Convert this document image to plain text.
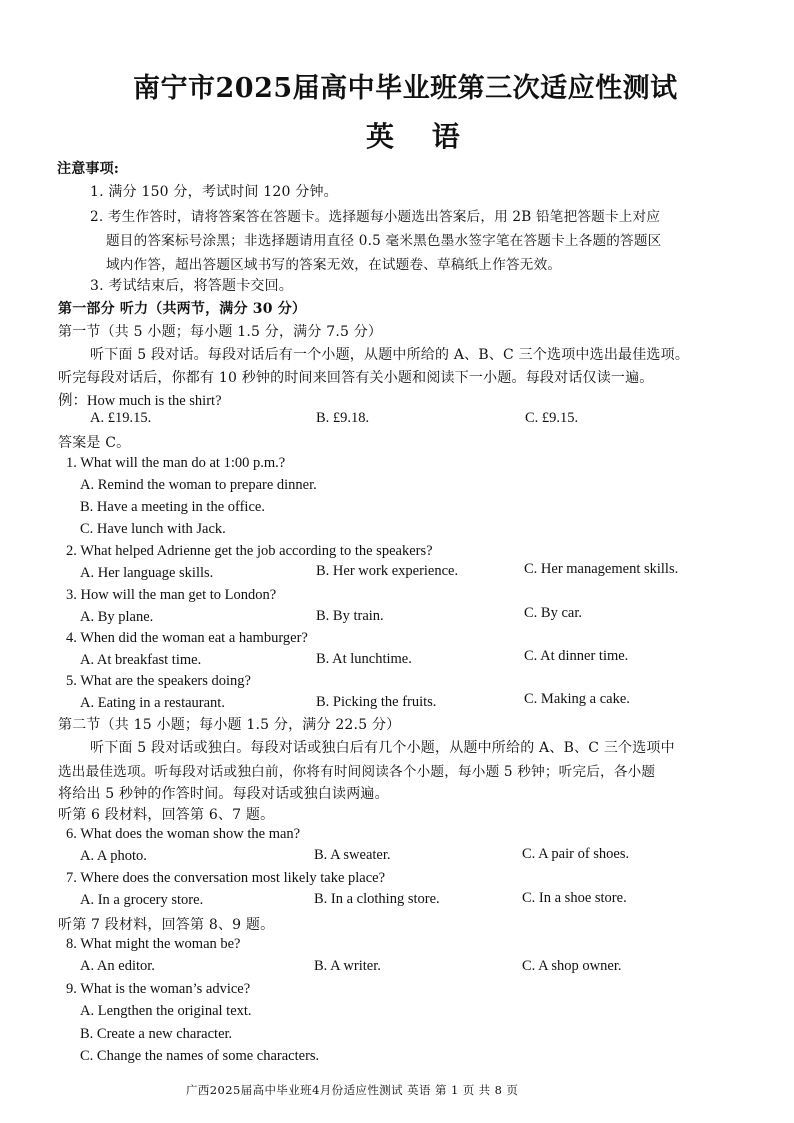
南宁市2025届高中毕业班第三次适应性测试
英 语
注意事项:
1. 满分 150 分，考试时间 120 分钟。
2. 考生作答时，请将答案答在答题卡。选择题每小题选出答案后，用 2B 铅笔把答题卡上对应
题目的答案标号涂黑；非选择题请用直径 0.5 毫米黑色墨水签字笔在答题卡上各题的答题区
域内作答，超出答题区域书写的答案无效，在试题卷、草稿纸上作答无效。
3. 考试结束后，将答题卡交回。
第一部分 听力（共两节，满分 30 分）
第一节（共 5 小题；每小题 1.5 分，满分 7.5 分）
听下面 5 段对话。每段对话后有一个小题，从题中所给的 A、B、C 三个选项中选出最佳选项。
听完每段对话后，你都有 10 秒钟的时间来回答有关小题和阅读下一小题。每段对话仅读一遍。
例：How much is the shirt?
A. £19.15.	B. £9.18.	C. £9.15.
答案是 C。
1. What will the man do at 1:00 p.m.?
A. Remind the woman to prepare dinner.
B. Have a meeting in the office.
C. Have lunch with Jack.
2. What helped Adrienne get the job according to the speakers?
A. Her language skills.	B. Her work experience.	C. Her management skills.
3. How will the man get to London?
A. By plane.	B. By train.	C. By car.
4. When did the woman eat a hamburger?
A. At breakfast time.	B. At lunchtime.	C. At dinner time.
5. What are the speakers doing?
A. Eating in a restaurant.	B. Picking the fruits.	C. Making a cake.
第二节（共 15 小题；每小题 1.5 分，满分 22.5 分）
听下面 5 段对话或独白。每段对话或独白后有几个小题，从题中所给的 A、B、C 三个选项中
选出最佳选项。听每段对话或独白前，你将有时间阅读各个小题，每小题 5 秒钟；听完后，各小题
将给出 5 秒钟的作答时间。每段对话或独白读两遍。
听第 6 段材料，回答第 6、7 题。
6. What does the woman show the man?
A. A photo.	B. A sweater.	C. A pair of shoes.
7. Where does the conversation most likely take place?
A. In a grocery store.	B. In a clothing store.	C. In a shoe store.
听第 7 段材料，回答第 8、9 题。
8. What might the woman be?
A. An editor.	B. A writer.	C. A shop owner.
9. What is the woman’s advice?
A. Lengthen the original text.
B. Create a new character.
C. Change the names of some characters.
广西2025届高中毕业班4月份适应性测试 英语 第 1 页 共 8 页
